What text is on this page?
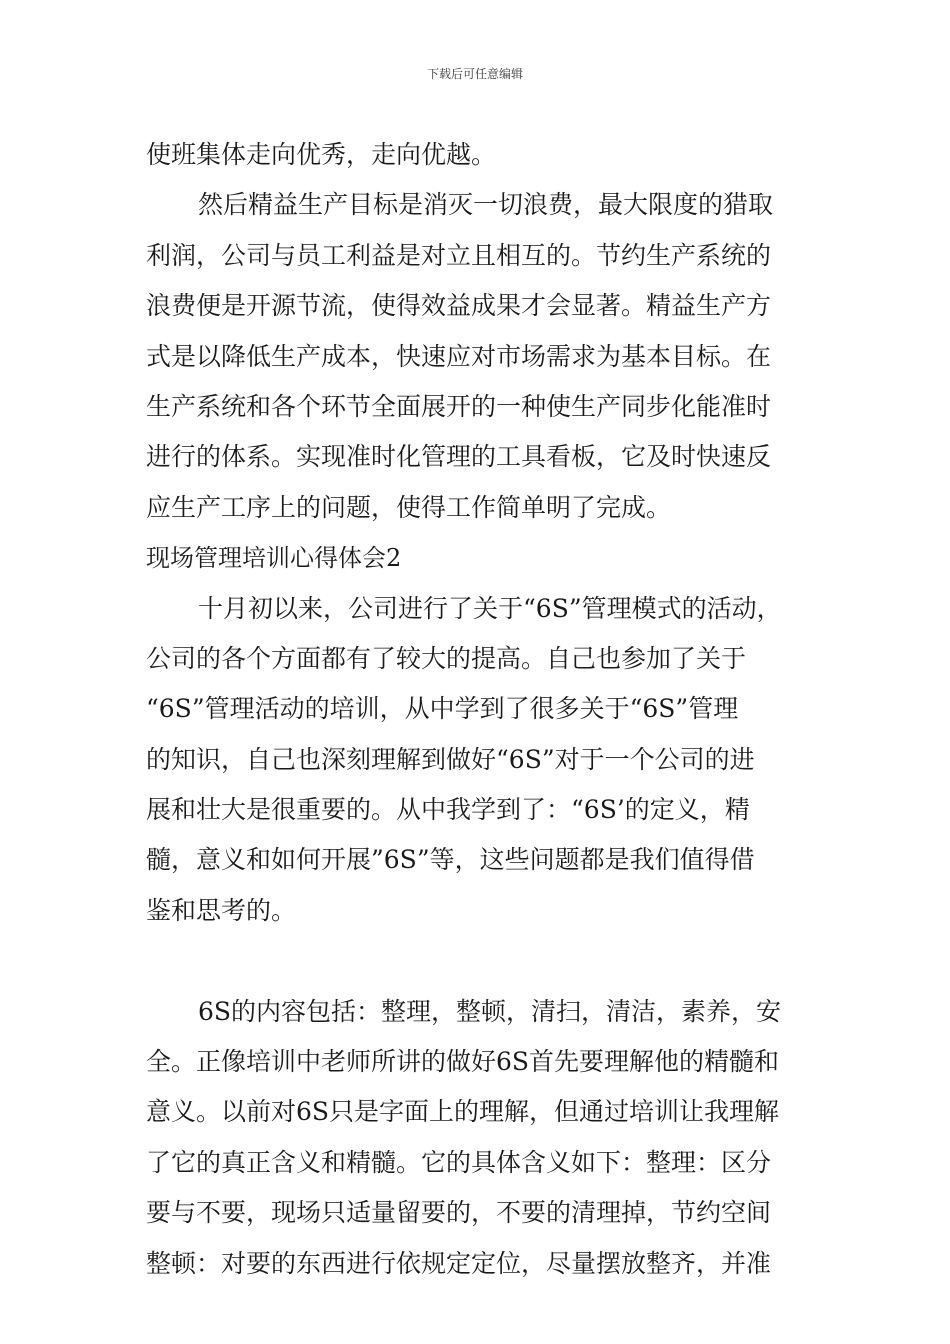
下载后可任意编辑
使班集体走向优秀，走向优越。
然后精益生产目标是消灭一切浪费，最大限度的猎取
利润，公司与员工利益是对立且相互的。节约生产系统的
浪费便是开源节流，使得效益成果才会显著。精益生产方
式是以降低生产成本，快速应对市场需求为基本目标。在
生产系统和各个环节全面展开的一种使生产同步化能准时
进行的体系。实现准时化管理的工具看板，它及时快速反
应生产工序上的问题，使得工作简单明了完成。
现场管理培训心得体会2
十月初以来，公司进行了关于“6S”管理模式的活动，
公司的各个方面都有了较大的提高。自己也参加了关于
“6S”管理活动的培训，从中学到了很多关于“6S”管理
的知识，自己也深刻理解到做好“6S”对于一个公司的进
展和壮大是很重要的。从中我学到了：“6S’的定义，精
髓，意义和如何开展”6S”等，这些问题都是我们值得借
鉴和思考的。
6S的内容包括：整理，整顿，清扫，清洁，素养，安
全。正像培训中老师所讲的做好6S首先要理解他的精髓和
意义。以前对6S只是字面上的理解，但通过培训让我理解
了它的真正含义和精髓。它的具体含义如下：整理：区分
要与不要，现场只适量留要的，不要的清理掉，节约空间
整顿：对要的东西进行依规定定位，尽量摆放整齐，并准
